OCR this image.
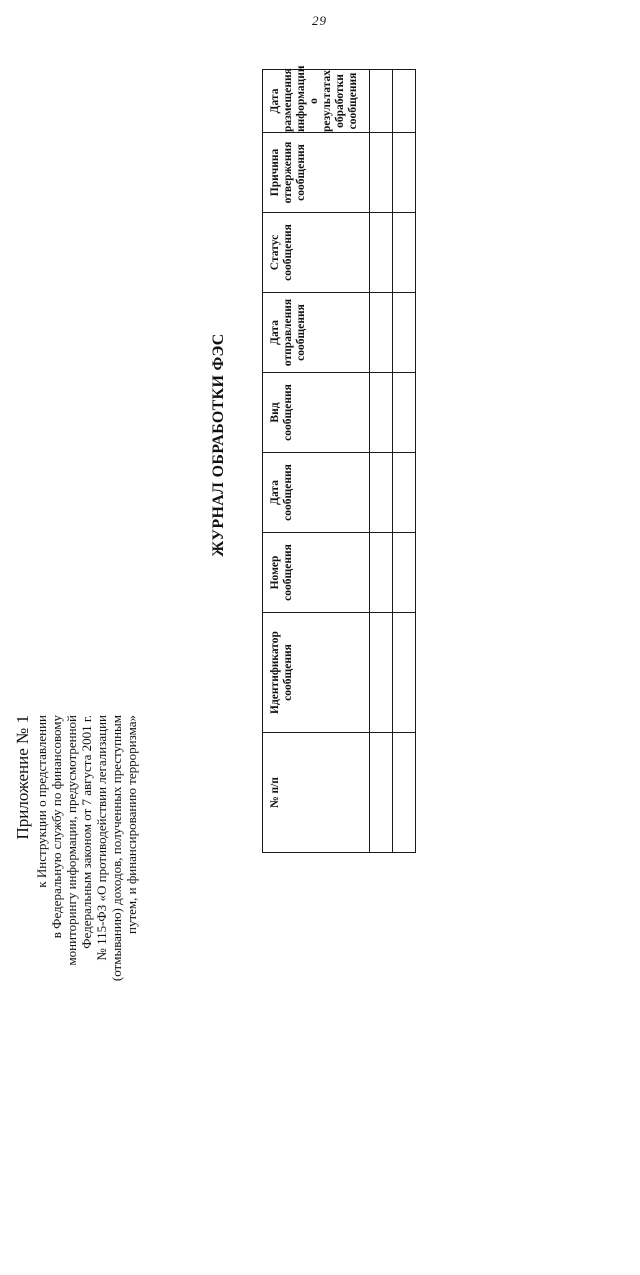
29
Приложение № 1 к Инструкции о представлении в Федеральную службу по финансовому мониторингу информации, предусмотренной Федеральным законом от 7 августа 2001 г. № 115-ФЗ «О противодействии легализации (отмыванию) доходов, полученных преступным путем, и финансированию терроризма»
ЖУРНАЛ ОБРАБОТКИ ФЭС
№ п/п	Идентификатор сообщения	Номер сообщения	Дата сообщения	Вид сообщения	Дата отправления сообщения	Статус сообщения	Причина отвержения сообщения	Дата размещения информации о результатах обработки сообщения
